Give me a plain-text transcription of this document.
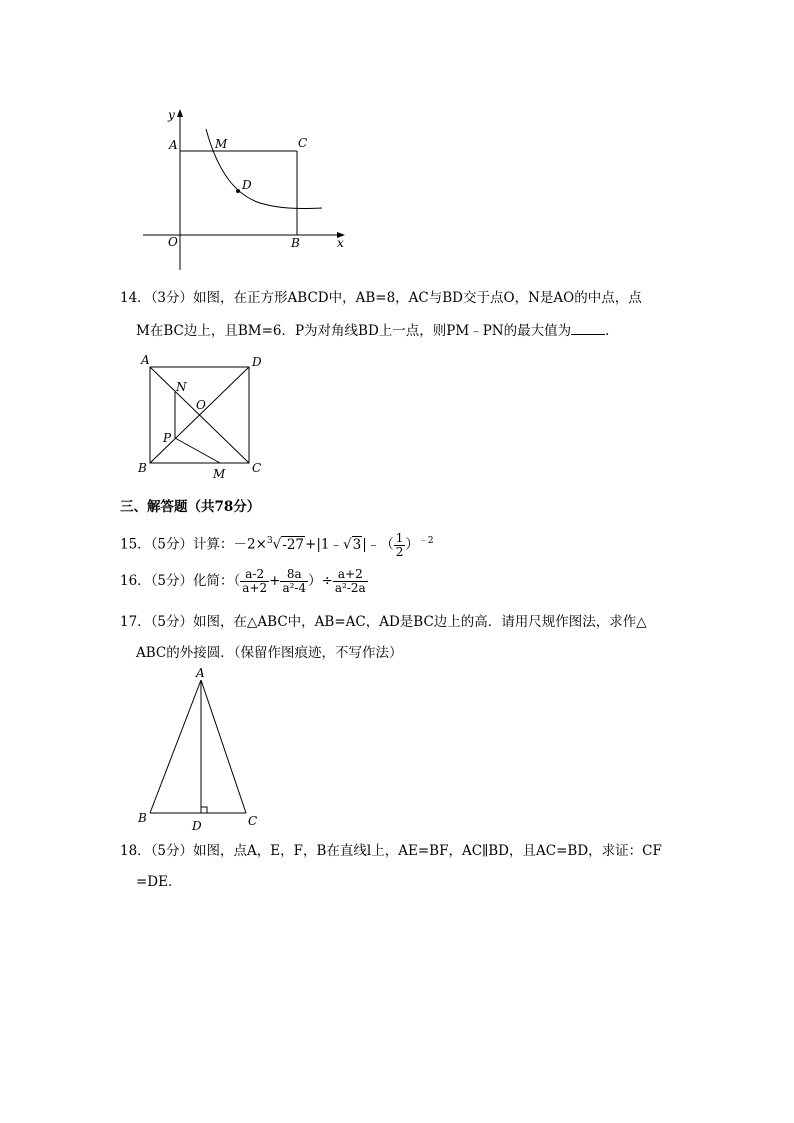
y
A	M	C
D
O	B	x
14．（3分）如图，在正方形ABCD中，AB=8，AC与BD交于点O，N是AO的中点，点
M在BC边上，且BM=6．P为对角线BD上一点，则PM﹣PN的最大值为	．
A	D
N
O
P
B	M C
三、解答题（共78分）
15．（5分）计算：－2×$^3$√-27+|1﹣√3|﹣（ $\frac{1}{2} )^{﹣2}$
16．（5分）化简：（ $\frac{a-2}{a+2} + \frac{8a}{\text{a²-4}}$ ）÷ $\frac{a+2}{\text{a²-2a}}$
17．（5分）如图，在△ABC中，AB=AC，AD是BC边上的高．请用尺规作图法，求作△
ABC的外接圆．（保留作图痕迹，不写作法）
A
B
D	C
18．（5分）如图，点A，E，F，B在直线l上，AE=BF，AC∥BD，且AC=BD，求证：CF
=DE．
